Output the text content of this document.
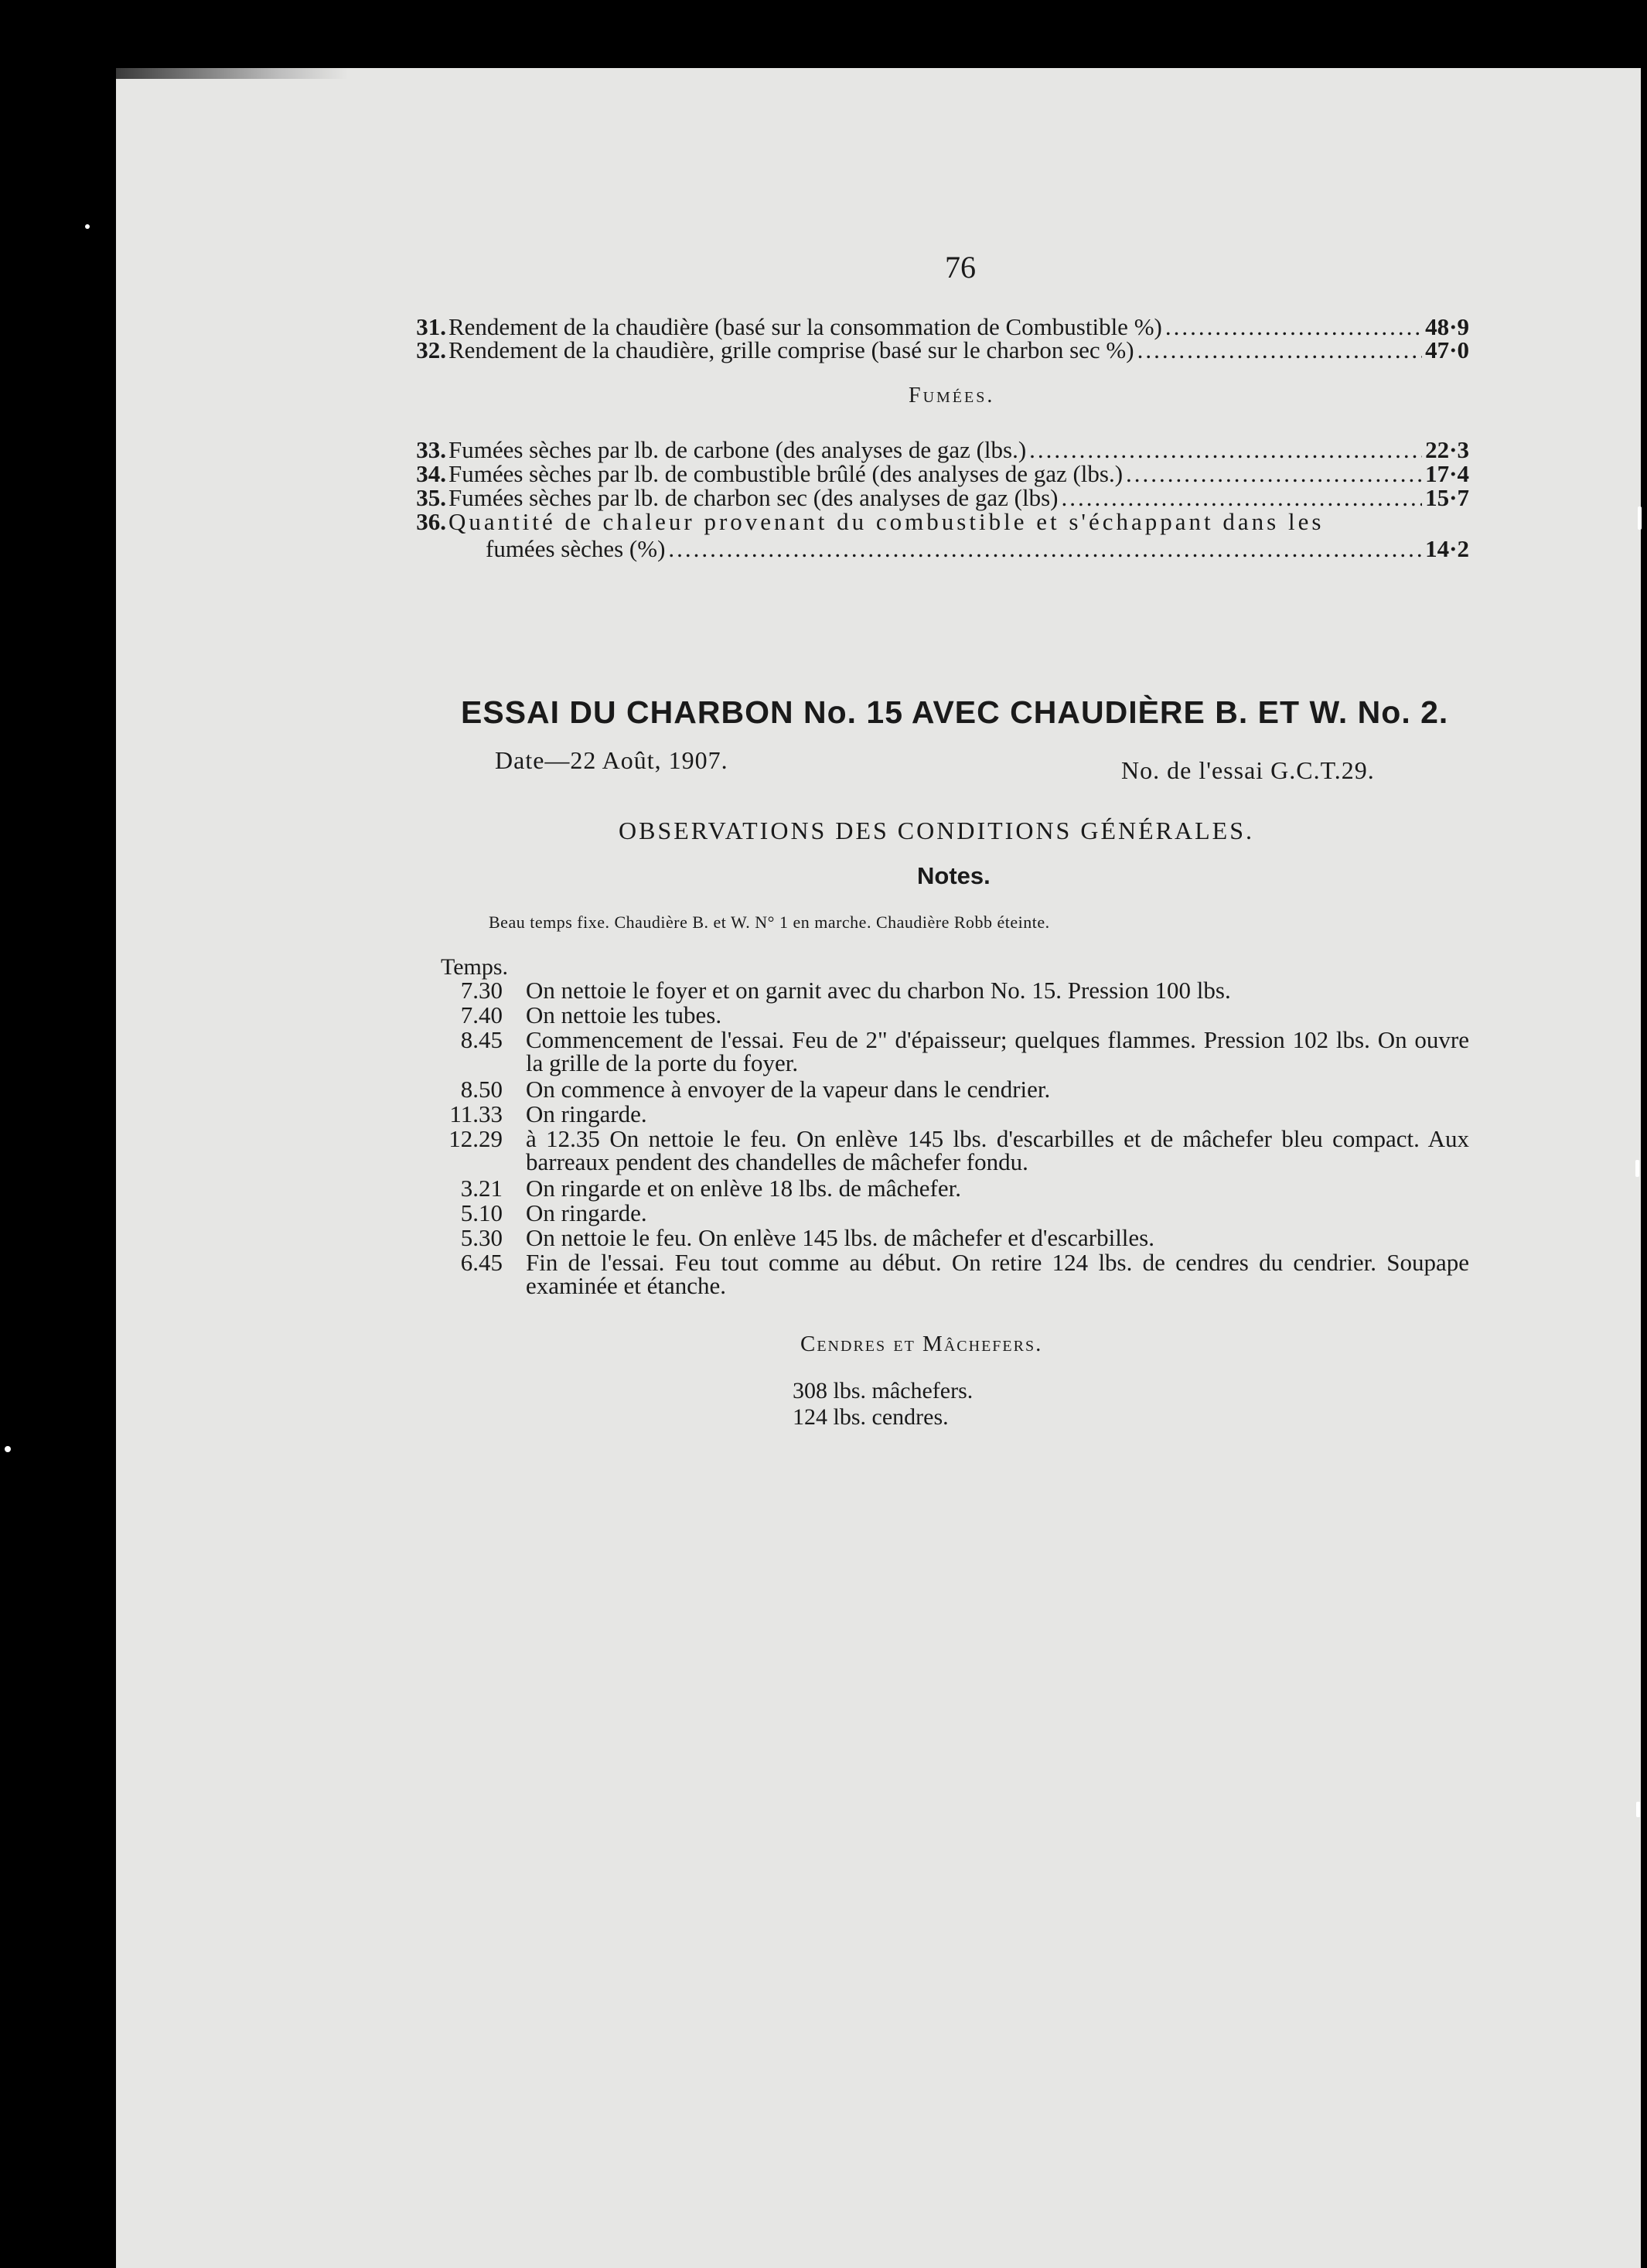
76
31. Rendement de la chaudière (basé sur la consommation de Combustible %) .....	48·9
32. Rendement de la chaudière, grille comprise (basé sur le charbon sec %) .....	47·0
Fumées.
33. Fumées sèches par lb. de carbone (des analyses de gaz (lbs.) .....	22·3
34. Fumées sèches par lb. de combustible brûlé (des analyses de gaz (lbs.) .....	17·4
35. Fumées sèches par lb. de charbon sec (des analyses de gaz (lbs) .....	15·7
36. Quantité de chaleur provenant du combustible et s'échappant dans les
fumées sèches (%) .....	14·2
ESSAI DU CHARBON No. 15 AVEC CHAUDIÈRE B. ET W. No. 2.
Date—22 Août, 1907.	No. de l'essai G.C.T.29.
OBSERVATIONS DES CONDITIONS GÉNÉRALES.
Notes.
Beau temps fixe. Chaudière B. et W. N° 1 en marche. Chaudière Robb éteinte.
Temps.
7.30 On nettoie le foyer et on garnit avec du charbon No. 15. Pression 100 lbs.
7.40 On nettoie les tubes.
8.45 Commencement de l'essai. Feu de 2" d'épaisseur; quelques flammes. Pression 102 lbs. On ouvre la grille de la porte du foyer.
8.50 On commence à envoyer de la vapeur dans le cendrier.
11.33 On ringarde.
12.29 à 12.35 On nettoie le feu. On enlève 145 lbs. d'escarbilles et de mâchefer bleu compact. Aux barreaux pendent des chandelles de mâchefer fondu.
3.21 On ringarde et on enlève 18 lbs. de mâchefer.
5.10 On ringarde.
5.30 On nettoie le feu. On enlève 145 lbs. de mâchefer et d'escarbilles.
6.45 Fin de l'essai. Feu tout comme au début. On retire 124 lbs. de cendres du cendrier. Soupape examinée et étanche.
Cendres et Mâchefers.
308 lbs. mâchefers.
124 lbs. cendres.
